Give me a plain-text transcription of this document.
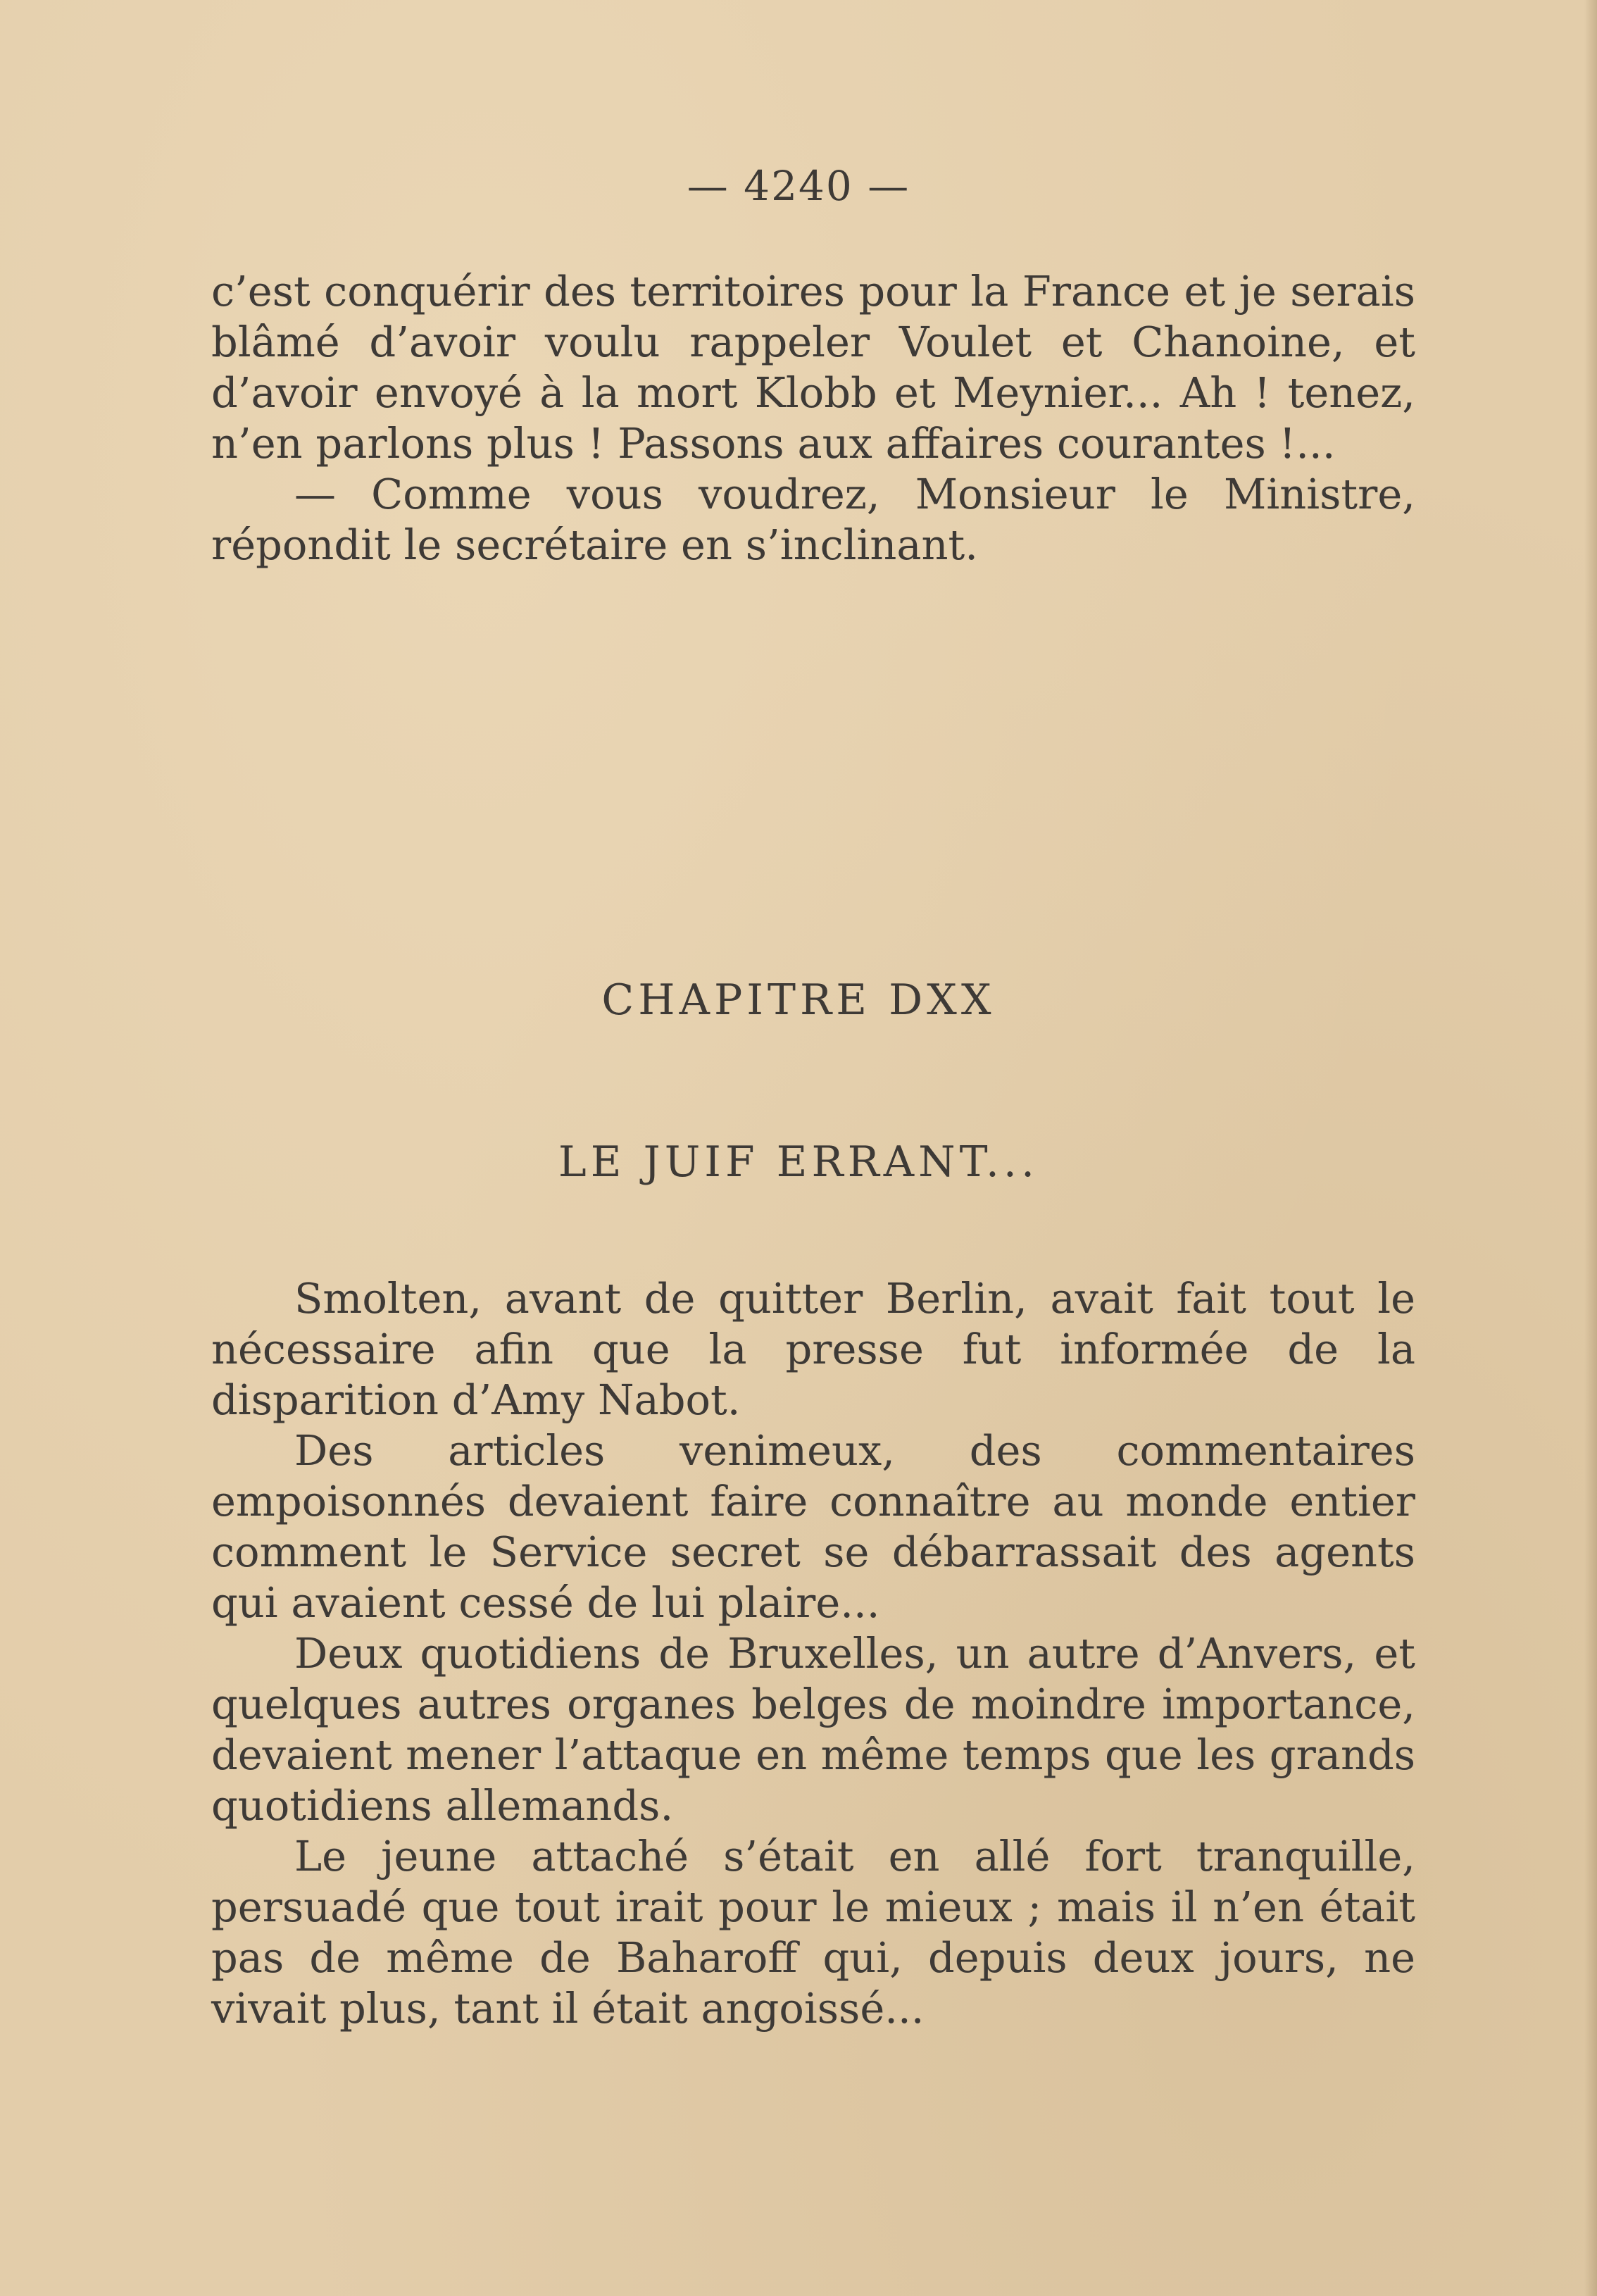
— 4240 —

c’est conquérir des territoires pour la France et je serais blâmé d’avoir voulu rappeler Voulet et Chanoine, et d’avoir envoyé à la mort Klobb et Meynier... Ah ! tenez, n’en parlons plus ! Passons aux affaires courantes !...

— Comme vous voudrez, Monsieur le Ministre, répondit le secrétaire en s’inclinant.

CHAPITRE DXX
LE JUIF ERRANT...

Smolten, avant de quitter Berlin, avait fait tout le nécessaire afin que la presse fut informée de la disparition d’Amy Nabot.

Des articles venimeux, des commentaires empoisonnés devaient faire connaître au monde entier comment le Service secret se débarrassait des agents qui avaient cessé de lui plaire...

Deux quotidiens de Bruxelles, un autre d’Anvers, et quelques autres organes belges de moindre importance, devaient mener l’attaque en même temps que les grands quotidiens allemands.

Le jeune attaché s’était en allé fort tranquille, persuadé que tout irait pour le mieux ; mais il n’en était pas de même de Baharoff qui, depuis deux jours, ne vivait plus, tant il était angoissé...
